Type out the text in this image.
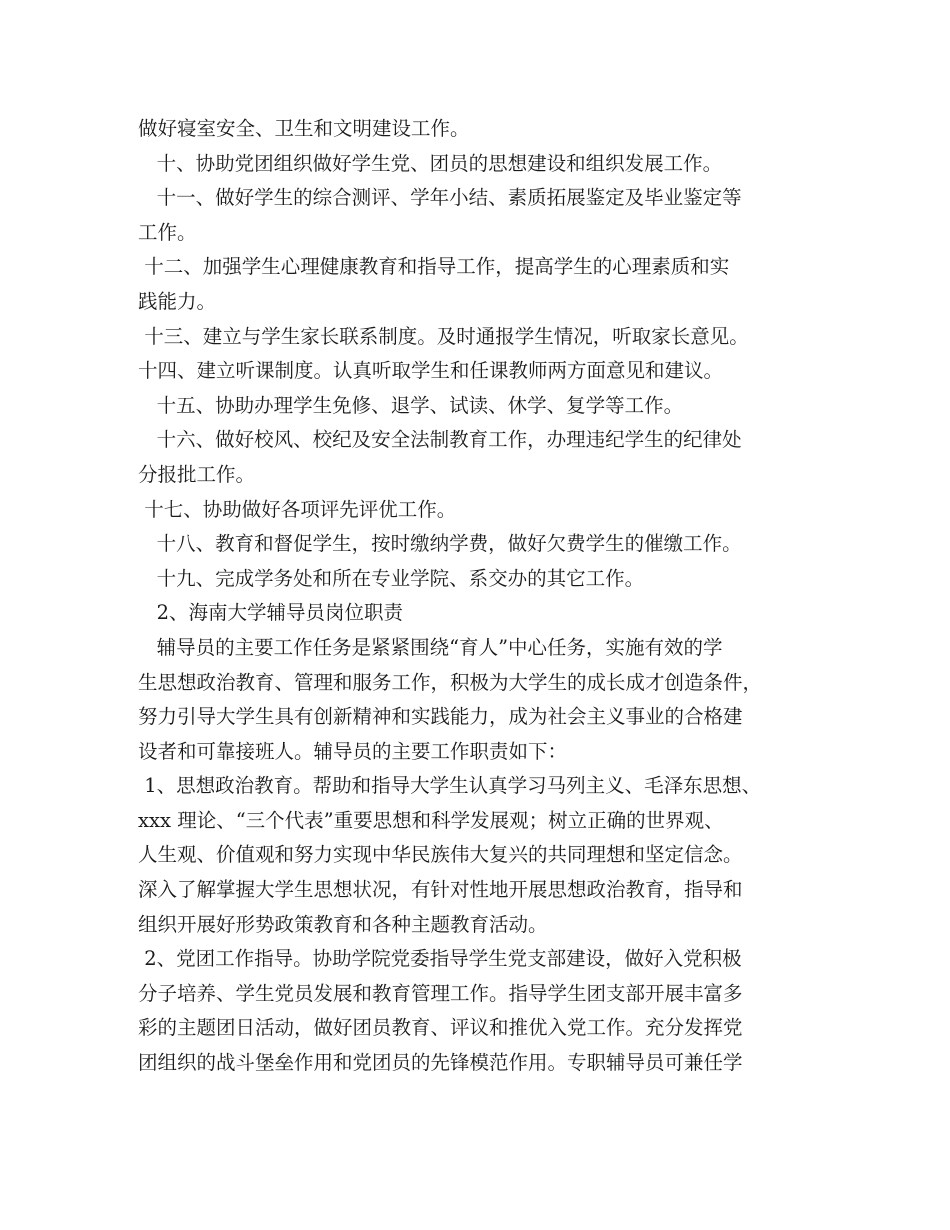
做好寝室安全、卫生和文明建设工作。

十、协助党团组织做好学生党、团员的思想建设和组织发展工作。

十一、做好学生的综合测评、学年小结、素质拓展鉴定及毕业鉴定等

工作。

十二、加强学生心理健康教育和指导工作，提高学生的心理素质和实

践能力。

十三、建立与学生家长联系制度。及时通报学生情况，听取家长意见。

十四、建立听课制度。认真听取学生和任课教师两方面意见和建议。

十五、协助办理学生免修、退学、试读、休学、复学等工作。

十六、做好校风、校纪及安全法制教育工作，办理违纪学生的纪律处

分报批工作。

十七、协助做好各项评先评优工作。

十八、教育和督促学生，按时缴纳学费，做好欠费学生的催缴工作。

十九、完成学务处和所在专业学院、系交办的其它工作。

2、海南大学辅导员岗位职责

辅导员的主要工作任务是紧紧围绕“育人”中心任务，实施有效的学

生思想政治教育、管理和服务工作，积极为大学生的成长成才创造条件，

努力引导大学生具有创新精神和实践能力，成为社会主义事业的合格建

设者和可靠接班人。辅导员的主要工作职责如下：

1、思想政治教育。帮助和指导大学生认真学习马列主义、毛泽东思想、

xxx 理论、“三个代表”重要思想和科学发展观；树立正确的世界观、

人生观、价值观和努力实现中华民族伟大复兴的共同理想和坚定信念。

深入了解掌握大学生思想状况，有针对性地开展思想政治教育，指导和

组织开展好形势政策教育和各种主题教育活动。

2、党团工作指导。协助学院党委指导学生党支部建设，做好入党积极

分子培养、学生党员发展和教育管理工作。指导学生团支部开展丰富多

彩的主题团日活动，做好团员教育、评议和推优入党工作。充分发挥党

团组织的战斗堡垒作用和党团员的先锋模范作用。专职辅导员可兼任学
